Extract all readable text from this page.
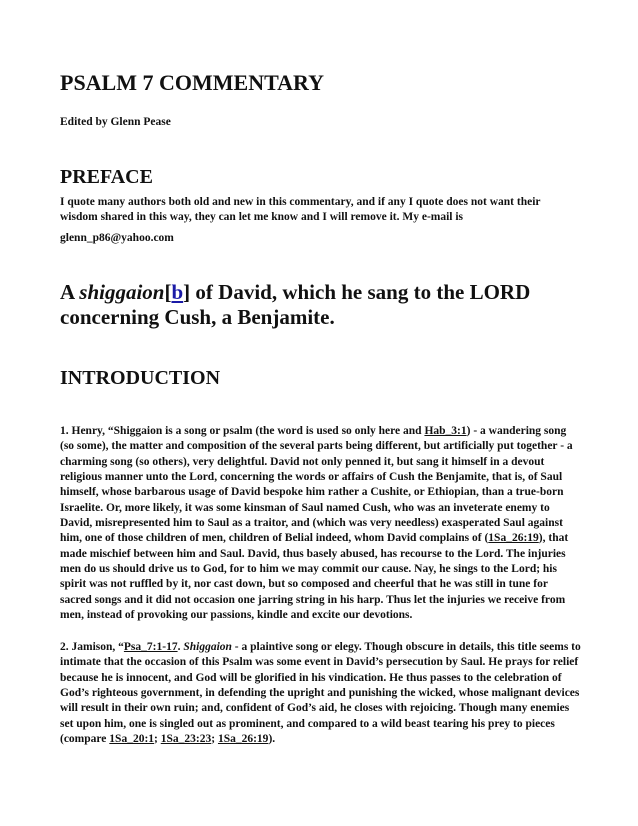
PSALM 7 COMMENTARY

Edited by Glenn Pease

PREFACE

I quote many authors both old and new in this commentary, and if any I quote does not want their wisdom shared in this way, they can let me know and I will remove it. My e-mail is

glenn_p86@yahoo.com

A shiggaion[b] of David, which he sang to the LORD concerning Cush, a Benjamite.
INTRODUCTION

1. Henry, “Shiggaion is a song or psalm (the word is used so only here and Hab_3:1) - a wandering song (so some), the matter and composition of the several parts being different, but artificially put together - a charming song (so others), very delightful. David not only penned it, but sang it himself in a devout religious manner unto the Lord, concerning the words or affairs of Cush the Benjamite, that is, of Saul himself, whose barbarous usage of David bespoke him rather a Cushite, or Ethiopian, than a true-born Israelite. Or, more likely, it was some kinsman of Saul named Cush, who was an inveterate enemy to David, misrepresented him to Saul as a traitor, and (which was very needless) exasperated Saul against him, one of those children of men, children of Belial indeed, whom David complains of (1Sa_26:19), that made mischief between him and Saul. David, thus basely abused, has recourse to the Lord. The injuries men do us should drive us to God, for to him we may commit our cause. Nay, he sings to the Lord; his spirit was not ruffled by it, nor cast down, but so composed and cheerful that he was still in tune for sacred songs and it did not occasion one jarring string in his harp. Thus let the injuries we receive from men, instead of provoking our passions, kindle and excite our devotions.

2. Jamison, “Psa_7:1-17. Shiggaion - a plaintive song or elegy. Though obscure in details, this title seems to intimate that the occasion of this Psalm was some event in David’s persecution by Saul. He prays for relief because he is innocent, and God will be glorified in his vindication. He thus passes to the celebration of God’s righteous government, in defending the upright and punishing the wicked, whose malignant devices will result in their own ruin; and, confident of God’s aid, he closes with rejoicing. Though many enemies set upon him, one is singled out as prominent, and compared to a wild beast tearing his prey to pieces (compare 1Sa_20:1; 1Sa_23:23; 1Sa_26:19).
